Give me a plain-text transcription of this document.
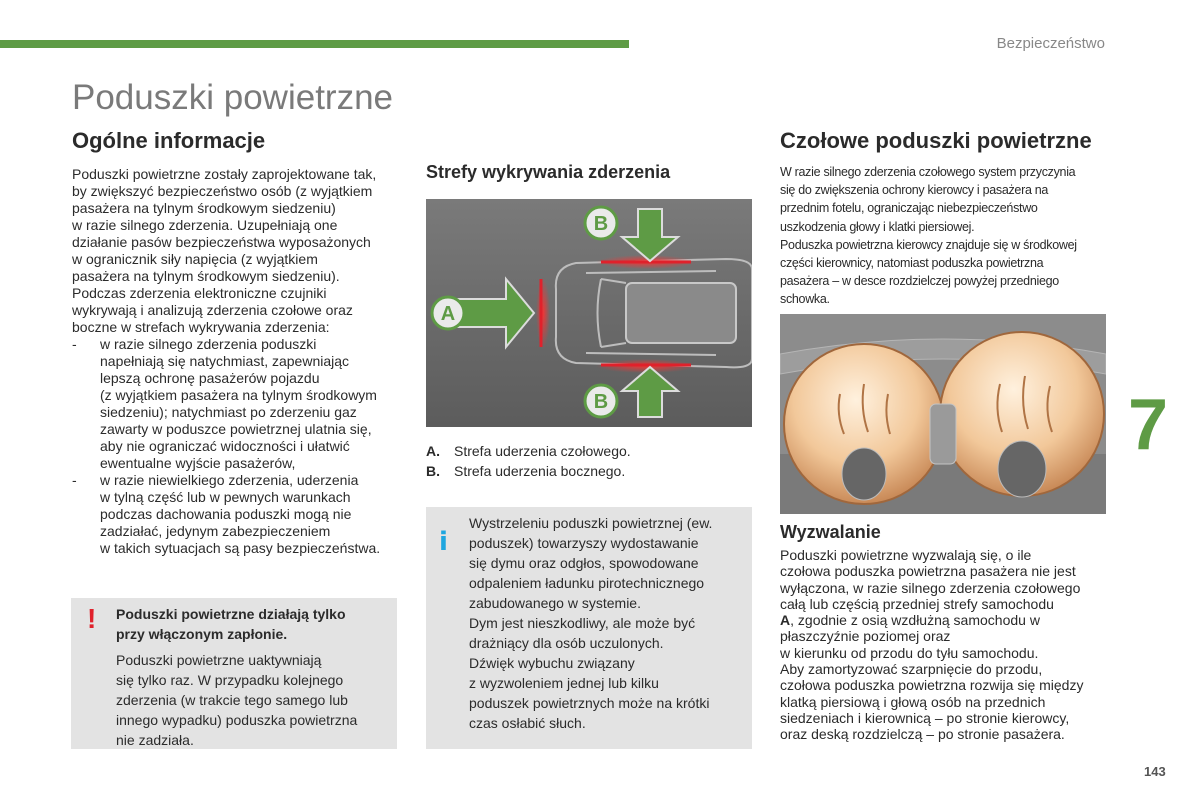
Bezpieczeństwo
Poduszki powietrzne
Ogólne informacje

Poduszki powietrzne zostały zaprojektowane tak,

by zwiększyć bezpieczeństwo osób (z wyjątkiem

pasażera na tylnym środkowym siedzeniu)

w razie silnego zderzenia. Uzupełniają one

działanie pasów bezpieczeństwa wyposażonych

w ogranicznik siły napięcia (z wyjątkiem

pasażera na tylnym środkowym siedzeniu).

Podczas zderzenia elektroniczne czujniki

wykrywają i analizują zderzenia czołowe oraz

boczne w strefach wykrywania zderzenia:

-	w razie silnego zderzenia poduszki

napełniają się natychmiast, zapewniając

lepszą ochronę pasażerów pojazdu

(z wyjątkiem pasażera na tylnym środkowym

siedzeniu); natychmiast po zderzeniu gaz

zawarty w poduszce powietrznej ulatnia się,

aby nie ograniczać widoczności i ułatwić

ewentualne wyjście pasażerów,

-	w razie niewielkiego zderzenia, uderzenia

w tylną część lub w pewnych warunkach

podczas dachowania poduszki mogą nie

zadziałać, jedynym zabezpieczeniem

w takich sytuacjach są pasy bezpieczeństwa.

! Poduszki powietrzne działają tylko

przy włączonym zapłonie.

Poduszki powietrzne uaktywniają

się tylko raz. W przypadku kolejnego

zderzenia (w trakcie tego samego lub

innego wypadku) poduszka powietrzna

nie zadziała.

Strefy wykrywania zderzenia
A
B
B
A. Strefa uderzenia czołowego.
B. Strefa uderzenia bocznego.
i

Wystrzeleniu poduszki powietrznej (ew.

poduszek) towarzyszy wydostawanie

się dymu oraz odgłos, spowodowane

odpaleniem ładunku pirotechnicznego

zabudowanego w systemie.

Dym jest nieszkodliwy, ale może być

drażniący dla osób uczulonych.

Dźwięk wybuchu związany

z wyzwoleniem jednej lub kilku

poduszek powietrznych może na krótki

czas osłabić słuch.

Czołowe poduszki powietrzne
W razie silnego zderzenia czołowego system przyczynia
się do zwiększenia ochrony kierowcy i pasażera na
przednim fotelu, ograniczając niebezpieczeństwo
uszkodzenia głowy i klatki piersiowej.
Poduszka powietrzna kierowcy znajduje się w środkowej
części kierownicy, natomiast poduszka powietrzna
pasażera – w desce rozdzielczej powyżej przedniego
schowka.
Wyzwalanie
Poduszki powietrzne wyzwalają się, o ile
czołowa poduszka powietrzna pasażera nie jest
wyłączona, w razie silnego zderzenia czołowego
całą lub częścią przedniej strefy samochodu
A, zgodnie z osią wzdłużną samochodu w
płaszczyźnie poziomej oraz
w kierunku od przodu do tyłu samochodu.
Aby zamortyzować szarpnięcie do przodu,
czołowa poduszka powietrzna rozwija się między
klatką piersiową i głową osób na przednich
siedzeniach i kierownicą – po stronie kierowcy,
oraz deską rozdzielczą – po stronie pasażera.
7
143
